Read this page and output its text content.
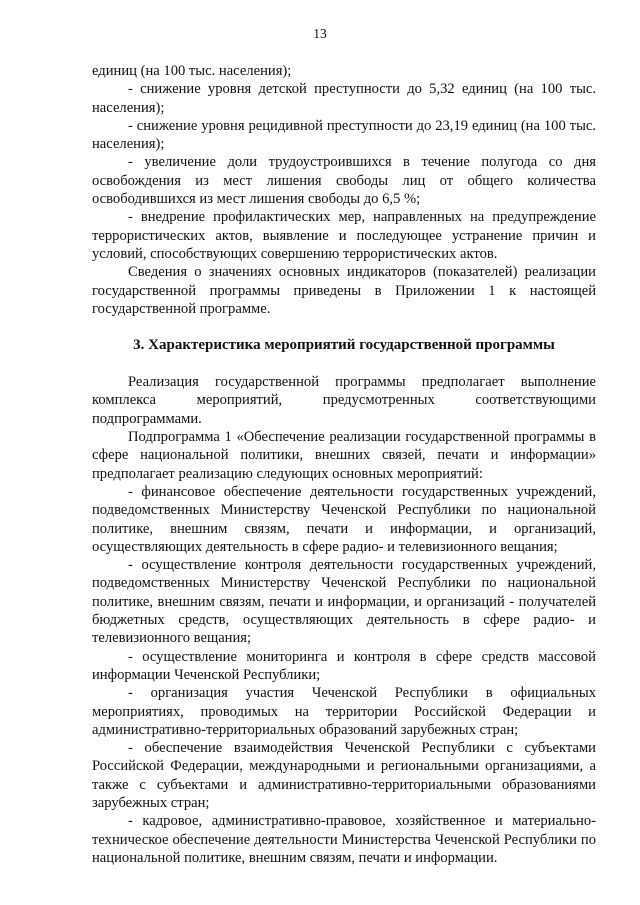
13

единиц (на 100 тыс. населения);

- снижение уровня детской преступности до 5,32 единиц (на 100 тыс. населения);

- снижение уровня рецидивной преступности до 23,19 единиц (на 100 тыс. населения);

- увеличение доли трудоустроившихся в течение полугода со дня освобождения из мест лишения свободы лиц от общего количества освободившихся из мест лишения свободы до 6,5 %;

- внедрение профилактических мер, направленных на предупреждение террористических актов, выявление и последующее устранение причин и условий, способствующих совершению террористических актов.

Сведения о значениях основных индикаторов (показателей) реализации государственной программы приведены в Приложении 1 к настоящей государственной программе.

3. Характеристика мероприятий государственной программы

Реализация государственной программы предполагает выполнение комплекса мероприятий, предусмотренных соответствующими подпрограммами.

Подпрограмма 1 «Обеспечение реализации государственной программы в сфере национальной политики, внешних связей, печати и информации» предполагает реализацию следующих основных мероприятий:

- финансовое обеспечение деятельности государственных учреждений, подведомственных Министерству Чеченской Республики по национальной политике, внешним связям, печати и информации, и организаций, осуществляющих деятельность в сфере радио- и телевизионного вещания;

- осуществление контроля деятельности государственных учреждений, подведомственных Министерству Чеченской Республики по национальной политике, внешним связям, печати и информации, и организаций - получателей бюджетных средств, осуществляющих деятельность в сфере радио- и телевизионного вещания;

- осуществление мониторинга и контроля в сфере средств массовой информации Чеченской Республики;

- организация участия Чеченской Республики в официальных мероприятиях, проводимых на территории Российской Федерации и административно-территориальных образований зарубежных стран;

- обеспечение взаимодействия Чеченской Республики с субъектами Российской Федерации, международными и региональными организациями, а также с субъектами и административно-территориальными образованиями зарубежных стран;

- кадровое, административно-правовое, хозяйственное и материально-техническое обеспечение деятельности Министерства Чеченской Республики по национальной политике, внешним связям, печати и информации.
